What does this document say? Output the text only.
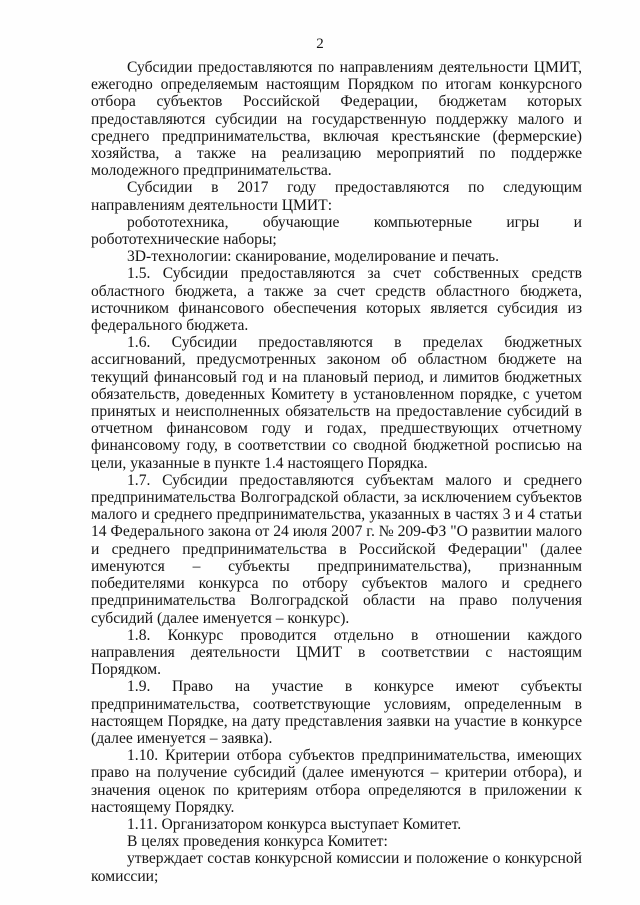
2

Субсидии предоставляются по направлениям деятельности ЦМИТ, ежегодно определяемым настоящим Порядком по итогам конкурсного отбора субъектов Российской Федерации, бюджетам которых предоставляются субсидии на государственную поддержку малого и среднего предпринимательства, включая крестьянские (фермерские) хозяйства, а также на реализацию мероприятий по поддержке молодежного предпринимательства.

Субсидии в 2017 году предоставляются по следующим направлениям деятельности ЦМИТ:

робототехника, обучающие компьютерные игры и робототехнические наборы;

3D-технологии: сканирование, моделирование и печать.

1.5. Субсидии предоставляются за счет собственных средств областного бюджета, а также за счет средств областного бюджета, источником финансового обеспечения которых является субсидия из федерального бюджета.

1.6. Субсидии предоставляются в пределах бюджетных ассигнований, предусмотренных законом об областном бюджете на текущий финансовый год и на плановый период, и лимитов бюджетных обязательств, доведенных Комитету в установленном порядке, с учетом принятых и неисполненных обязательств на предоставление субсидий в отчетном финансовом году и годах, предшествующих отчетному финансовому году, в соответствии со сводной бюджетной росписью на цели, указанные в пункте 1.4 настоящего Порядка.

1.7. Субсидии предоставляются субъектам малого и среднего предпринимательства Волгоградской области, за исключением субъектов малого и среднего предпринимательства, указанных в частях 3 и 4 статьи 14 Федерального закона от 24 июля 2007 г. № 209-ФЗ "О развитии малого и среднего предпринимательства в Российской Федерации" (далее именуются – субъекты предпринимательства), признанным победителями конкурса по отбору субъектов малого и среднего предпринимательства Волгоградской области на право получения субсидий (далее именуется – конкурс).

1.8. Конкурс проводится отдельно в отношении каждого направления деятельности ЦМИТ в соответствии с настоящим Порядком.

1.9. Право на участие в конкурсе имеют субъекты предпринимательства, соответствующие условиям, определенным в настоящем Порядке, на дату представления заявки на участие в конкурсе (далее именуется – заявка).

1.10. Критерии отбора субъектов предпринимательства, имеющих право на получение субсидий (далее именуются – критерии отбора), и значения оценок по критериям отбора определяются в приложении к настоящему Порядку.

1.11. Организатором конкурса выступает Комитет.

В целях проведения конкурса Комитет:

утверждает состав конкурсной комиссии и положение о конкурсной комиссии;
